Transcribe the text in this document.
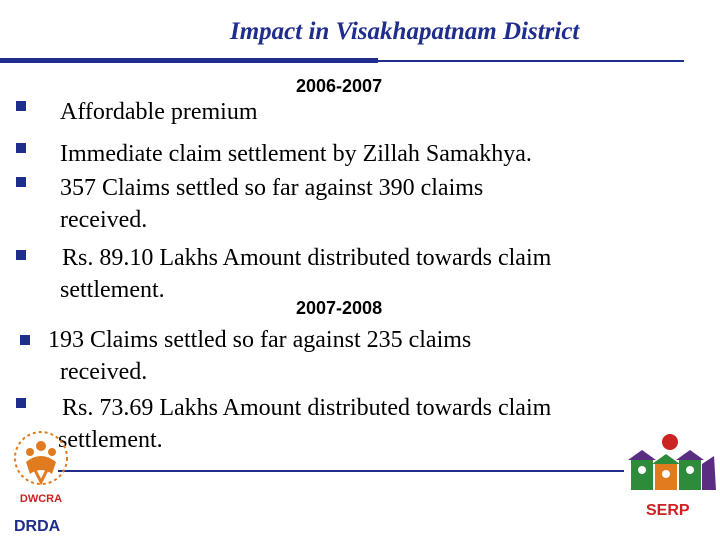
Impact in Visakhapatnam District
2006-2007
Affordable premium
Immediate claim settlement by Zillah Samakhya.
357 Claims settled so far against 390 claims
received.
Rs. 89.10 Lakhs Amount distributed towards claim
settlement.
2007-2008
193 Claims settled so far against 235 claims
received.
Rs. 73.69 Lakhs Amount distributed towards claim
settlement.
DWCRA
DRDA
SERP
